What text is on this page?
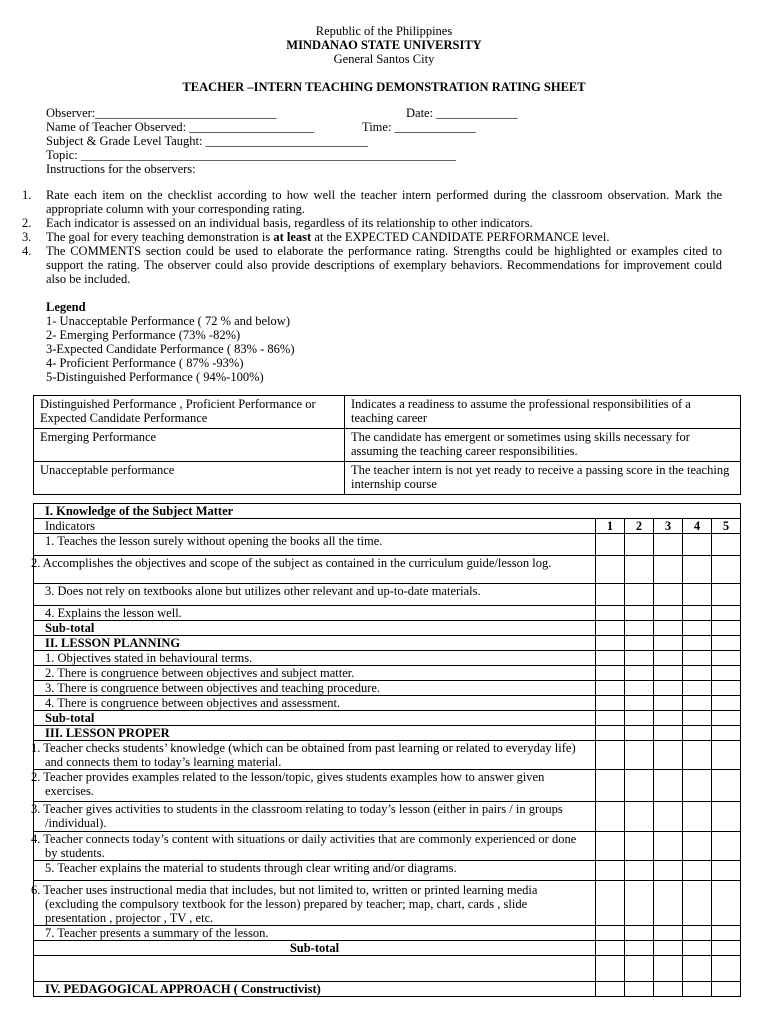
Republic of the Philippines
MINDANAO STATE UNIVERSITY
General Santos City
TEACHER –INTERN TEACHING DEMONSTRATION RATING SHEET
Observer:_____________________________	Date: _____________
Name of Teacher Observed: ____________________	Time: _____________
Subject & Grade Level Taught: __________________________
Topic: ____________________________________________________________
Instructions for the observers:
1. Rate each item on the checklist according to how well the teacher intern performed during the classroom observation. Mark the appropriate column with your corresponding rating.
2. Each indicator is assessed on an individual basis, regardless of its relationship to other indicators.
3. The goal for every teaching demonstration is at least at the EXPECTED CANDIDATE PERFORMANCE level.
4. The COMMENTS section could be used to elaborate the performance rating. Strengths could be highlighted or examples cited to support the rating. The observer could also provide descriptions of exemplary behaviors. Recommendations for improvement could also be included.
Legend
1- Unacceptable Performance ( 72 % and below)
2- Emerging Performance (73% -82%)
3-Expected Candidate Performance ( 83% - 86%)
4- Proficient Performance ( 87% -93%)
5-Distinguished Performance ( 94%-100%)
Distinguished Performance , Proficient Performance or Expected Candidate Performance	Indicates a readiness to assume the professional responsibilities of a teaching career
Emerging Performance	The candidate has emergent or sometimes using skills necessary for assuming the teaching career responsibilities.
Unacceptable performance	The teacher intern is not yet ready to receive a passing score in the teaching internship course
I. Knowledge of the Subject Matter					
Indicators	1	2	3	4	5
1. Teaches the lesson surely without opening the books all the time.					
2. Accomplishes the objectives and scope of the subject as contained in the curriculum guide/lesson log.					
3. Does not rely on textbooks alone but utilizes other relevant and up-to-date materials.					
4. Explains the lesson well.					
Sub-total					
II. LESSON PLANNING					
1. Objectives stated in behavioural terms.					
2. There is congruence between objectives and subject matter.					
3. There is congruence between objectives and teaching procedure.					
4. There is congruence between objectives and assessment.					
Sub-total					
III. LESSON PROPER					
1. Teacher checks students’ knowledge (which can be obtained from past learning or related to everyday life) and connects them to today’s learning material.					
2. Teacher provides examples related to the lesson/topic, gives students examples how to answer given exercises.					
3. Teacher gives activities to students in the classroom relating to today’s lesson (either in pairs / in groups /individual).					
4. Teacher connects today’s content with situations or daily activities that are commonly experienced or done by students.					
5. Teacher explains the material to students through clear writing and/or diagrams.					
6. Teacher uses instructional media that includes, but not limited to, written or printed learning media (excluding the compulsory textbook for the lesson) prepared by teacher; map, chart, cards , slide presentation , projector , TV , etc.					
7. Teacher presents a summary of the lesson.					
Sub-total					

IV. PEDAGOGICAL APPROACH ( Constructivist)					
